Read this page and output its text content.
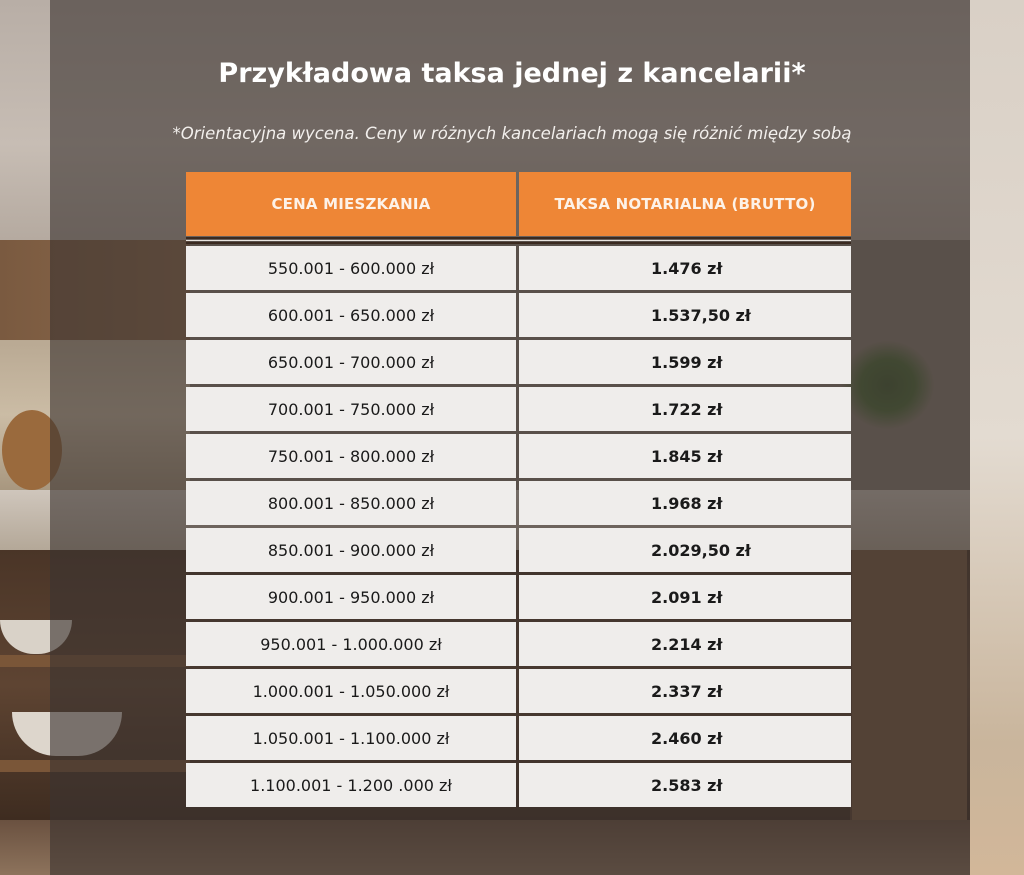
Przykładowa taksa jednej z kancelarii*
*Orientacyjna wycena. Ceny w różnych kancelariach mogą się różnić między sobą
CENA MIESZKANIA	TAKSA NOTARIALNA (BRUTTO)
550.001 - 600.000 zł	1.476 zł
600.001 - 650.000 zł	1.537,50 zł
650.001 - 700.000 zł	1.599 zł
700.001 - 750.000 zł	1.722 zł
750.001 - 800.000 zł	1.845 zł
800.001 - 850.000 zł	1.968 zł
850.001 - 900.000 zł	2.029,50 zł
900.001 - 950.000 zł	2.091 zł
950.001 - 1.000.000 zł	2.214 zł
1.000.001 - 1.050.000 zł	2.337 zł
1.050.001 - 1.100.000 zł	2.460 zł
1.100.001 - 1.200 .000 zł	2.583 zł
